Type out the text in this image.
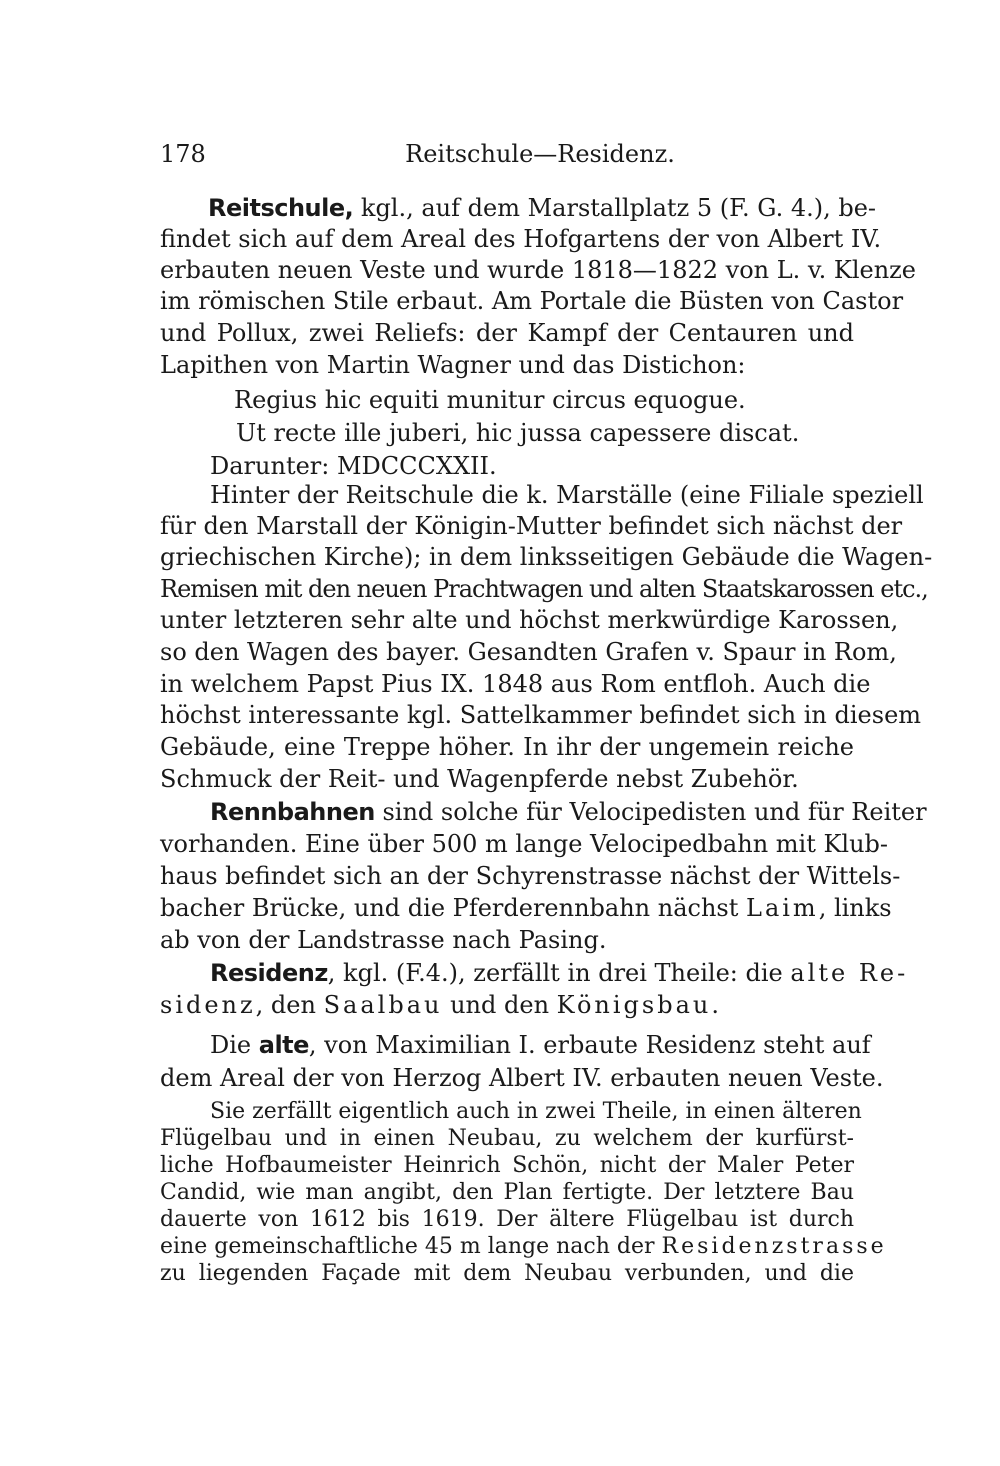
178	Reitschule—Residenz.
Reitschule, kgl., auf dem Marstallplatz 5 (F. G. 4.), be-
findet sich auf dem Areal des Hofgartens der von Albert IV.
erbauten neuen Veste und wurde 1818—1822 von L. v. Klenze
im römischen Stile erbaut. Am Portale die Büsten von Castor
und Pollux, zwei Reliefs: der Kampf der Centauren und
Lapithen von Martin Wagner und das Distichon:
Regius hic equiti munitur circus equogue.
Ut recte ille juberi, hic jussa capessere discat.
Darunter: MDCCCXXII.
Hinter der Reitschule die k. Marställe (eine Filiale speziell
für den Marstall der Königin-Mutter befindet sich nächst der
griechischen Kirche); in dem linksseitigen Gebäude die Wagen-
Remisen mit den neuen Prachtwagen und alten Staatskarossen etc.,
unter letzteren sehr alte und höchst merkwürdige Karossen,
so den Wagen des bayer. Gesandten Grafen v. Spaur in Rom,
in welchem Papst Pius IX. 1848 aus Rom entfloh. Auch die
höchst interessante kgl. Sattelkammer befindet sich in diesem
Gebäude, eine Treppe höher. In ihr der ungemein reiche
Schmuck der Reit- und Wagenpferde nebst Zubehör.
Rennbahnen sind solche für Velocipedisten und für Reiter
vorhanden. Eine über 500 m lange Velocipedbahn mit Klub-
haus befindet sich an der Schyrenstrasse nächst der Wittels-
bacher Brücke, und die Pferderennbahn nächst Laim, links
ab von der Landstrasse nach Pasing.
Residenz, kgl. (F.4.), zerfällt in drei Theile: die alte Re-
sidenz, den Saalbau und den Königsbau.
Die alte, von Maximilian I. erbaute Residenz steht auf
dem Areal der von Herzog Albert IV. erbauten neuen Veste.
Sie zerfällt eigentlich auch in zwei Theile, in einen älteren
Flügelbau und in einen Neubau, zu welchem der kurfürst-
liche Hofbaumeister Heinrich Schön, nicht der Maler Peter
Candid, wie man angibt, den Plan fertigte. Der letztere Bau
dauerte von 1612 bis 1619. Der ältere Flügelbau ist durch
eine gemeinschaftliche 45 m lange nach der Residenzstrasse
zu liegenden Façade mit dem Neubau verbunden, und die
